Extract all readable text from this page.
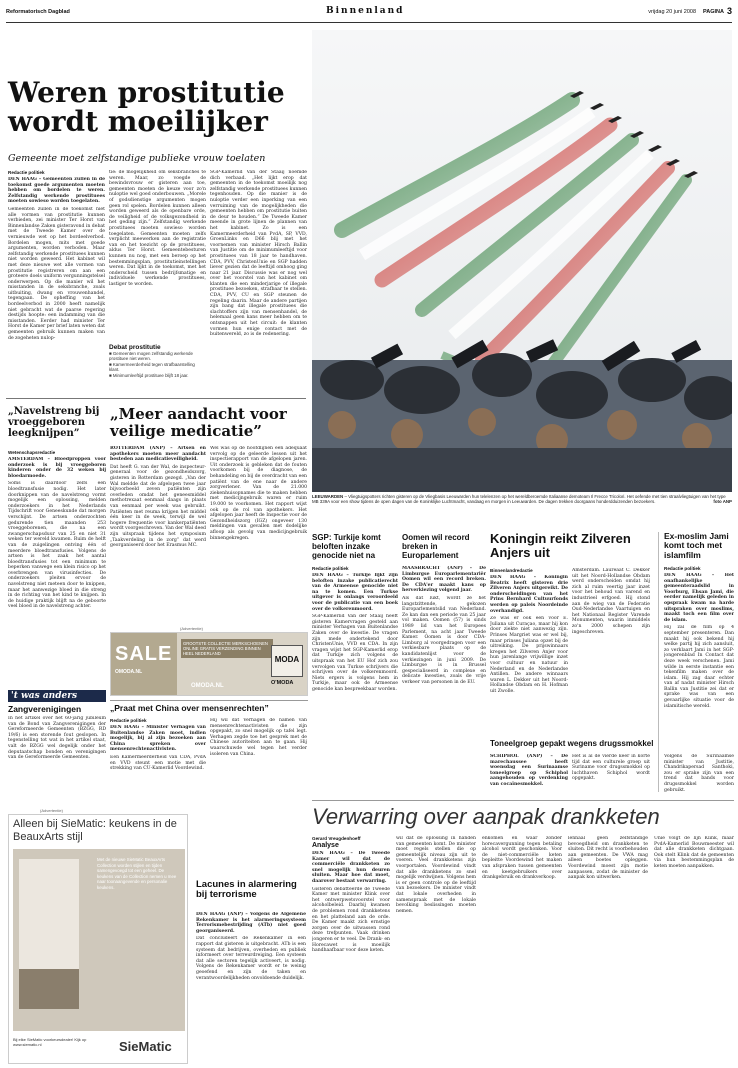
Reformatorisch Dagblad	Binnenland	vrijdag 20 juni 2008 PAGINA 3
Weren prostitutie
wordt moeilijker
Gemeente moet zelfstandige publieke vrouw toelaten
Redactie politiek
DEN HAAG – Gemeenten zullen in de toekomst goede argumenten moeten hebben om bordelen te weren. Zelfstandig werkende prostituees moeten sowieso worden toegelaten.
Gemeenten zullen in de toekomst niet alle vormen van prostitutie kunnen verbieden, zei minister Ter Horst van Binnenlandse Zaken gisteravond in debat met de Tweede Kamer over de vernieuwde wet op het bordeelverbod. Bordelen mogen, mits met goede argumenten, worden verboden. Maar zelfstandig werkende prostituees kunnen niet worden geweerd. Het kabinet wil met deze nieuwe wet alle vormen van prostitutie registreren om aan een groteere doels uniform vergunningstelsel onderwerpen. Op die manier wil het misstanden in de seksbranche, zoals uitbuiting, dwang en vrouwenhandel, tegengaan. De opheffing van het bordeelverbod in 2000 heeft namelijk niet gebracht wat de paarse regering destijds hoopte: een indamming van die misstanden. Eerder had minister Ter Horst de Kamer per brief laten weten dat gemeenten gebruik kunnen maken van de zogeheten nulop-
tie: de mogelijkheid om seksbranches te weren. Maar, zo voegde de bewindsvrouw er gisteren aan toe, gemeenten moeten de keuze voor zo'n nuloptie wel goed onderbouwen. „Morele of godsdienstige argumenten mogen geen rol spelen. Bordelen kunnen alleen worden geweerd als de openbare orde, de veiligheid of de volksgezondheid in het geding zijn.” Zelfstandig werkende prostituees moeten sowieso worden toegelaten. Gemeenten moeten zelfs verplicht meewerken aan de registratie van en het toezicht op de prostituees, aldus Ter Horst. Gemeentebesturen kunnen nu nog, met een beroep op het bestemmingsplan, prostitutieinstellingen weren. Dat lijkt in de toekomst, met het onderscheid tussen bedrijfsmatige en individuele werkende prostituees, lastiger te worden.
Debat prostitutie
■ Gemeenten mogen zelfstandig werkende prostituee niet weren.
■ Kamermeerderheid tegen strafbaarstelling klant.
■ Minimumleeftijd prostituee blijft 18 jaar.
SGP-Kamerlid Van der Staaij noemde dich verbaad. „Het lijkt erop dat gemeenten in de toekomst moeilijk nog zelfstandig werkende prostituees kunnen tegenhouden. Op die manier is de nuloptie verder een inperking van een verruiming van de mogelijkheden die gemeenten hebben om prostitutie buiten de deur te houden.” De Tweede Kamer meende in grote lijnen de plannen van het kabinet. Zo is een Kamermeerderheid van PvdA, SP, VVD, GroenLinks en D66 blij met het voornemen van minister Hirsch Ballin van Justitie om de minimumleeftijd voor prostituees van 18 jaar te handhaven. CDA, PVV, ChristenUnie en SGP hadden liever gezien dat de leeftijd omhoog ging naar 21 jaar. Discussie was er nog wel over het voorstel van het kabinet om klanten die een minderjarige of illegale prostituee bezoeken, strafbaar te stellen. CDA, PVV, CU en SGP steunen de regeling daarin. Maar de andere partijen zijn bang dat illegale prostituees die slachtoffers zijn van mensenhandel, de helemaal geen kans meer hebben om te ontsnappen uit het circuit: de klanten vormen hun enige contact met de buitenwereld, zo is de redenering.
LEEUWARDEN – Vliegtuigspotters richten gisteren op de Vliegbasis Leeuwarden hun telelenzen op het wereldberoemde Italiaanse demoteam Il Frecce Tricolori. Het oefende met tien straalvliegtuigen van het type MB 339A voor een show tijdens de open dagen van de Koninklijke Luchtmacht, vandaag en morgen in Leeuwarden. De dagen trekken doorgaans honderdduizenden bezoekers.	foto ANP
„Navelstreng bij vroeggeboren leegknijpen”
Wetenschapsredactie
AMSTERDAM – Bloedproppen voor onderzoek is bij vroeggeboren kinderen onder de 32 weken bij bloedarmoede.
Soms is daardoor zelfs een bloedtransfusie nodig. Het later doorknippen van de navelstreng vormt mogelijk een oplossing, melden onderzoekers in het Nederlands Tijdschrift voor Geneeskunde dat morgen verschijnt. De artsen onderzochten gedurende tien maanden 253 vroeggeborenen, die na een zwangerschapsduur van 25 en niet 31 weken ter wereld kwamen. Ruim de helft van de zuigelingen ontving één of meerdere bloedtransfusies. Volgens de artsen is het zaak het aantal bloedtransfusies tot een minimum te beperken vanwege een klein risico op het overbrengen van virusinfecties. De onderzoekers pleiten ervoor de navelstreng niet meteen door te knippen, maar het aanwezige bloed in die streng in de richting van het kind te knijpen. In de huidige praktijk blijft na de geboorte veel bloed in de navelstreng achter.
„Meer aandacht voor veilige medicatie”
ROTTERDAM (ANP) – Artsen en apothekers moeten meer aandacht besteden aan medicatieveiligheid.
Dat heeft G. van der Wal, de inspecteur-generaal voor de gezondheidszorg, gisteren in Rotterdam gezegd. „Van der Wal meldde dat de afgelopen twee jaar bijvoorbeeld zeven patiënten zijn overleden omdat het geneesmiddel methotrexaat eenmaal daags in plaats van eenmaal per week was gebruikt. Patiënten met reuma krijgen het middel één keer in de week, terwijl de wel hogere frequentie voor kankerpatiënten wordt voorgeschreven. Van der Wal deed zijn uitspraak tijdens het symposium „Taakverdeling in de zorg” dat werd georganiseerd door het Erasmus MC.
Wel was op de hoofdlijnen een adequaat vervolg op de geleerde lessen uit het inspectierapport van de afgelopen jaren. Uit onderzoek is gebleken dat de fouten voorkomen bij de diagnose, de behandeling en bij de overdracht van een patiënt van de ene naar de andere zorgverlener. Van de 21.000 ziekenhuisopnames die te maken hebben met medicijngebruik waren er ruim 19.000 te voorkomen. Het rapport wijst ook op de rol van apothekers. Het afgelopen jaar heeft de Inspectie voor de Gezondheidszorg (IGZ) ongeveer 130 meldingen van gevallen met dodelijke afloop als gevolg van medicijngebruik binnengekregen.
(Advertentie)
SALE
OMODA.NL
GROOTSTE COLLECTIE MERKSCHOENEN ONLINE GRATIS VERZENDING BINNEN HEEL NEDERLAND
MODA
O'MODA
OMODA.NL
't was anders
Zangverenigingen
In het artikel over het 60-jarig jubileum van de Bond van Zangverenigingen der Gereformeerde Gemeenten (BZGG, RD 19/6) is een storende fout geslopen. In tegenstelling tot wat in het artikel staat, valt de BZGG wel degelijk onder het deputaatschap bonden en verenigingen van de Gereformeerde Gemeenten.
„Praat met China over mensenrechten”
Redactie politiek
DEN HAAG – Minister Verhagen van Buitenlandse Zaken moet, indien mogelijk, bij al zijn bezoeken aan China spreken over mensenrechtenactivisten.
Een Kamermeerderheid van CDA, PvdA en VVD steunt een motie met die strekking van CU-Kamerlid Voordewind.
Hij wil dat Verhagen de namen van mensenrechtenactivisten die zijn opgepakt, zo snel mogelijk op tafel legt. Verhagen zegde toe het gesprek met de Chinese autoriteiten aan te gaan. Hij waarschuwde wel tegen het verder isoleren van China.
(Advertentie)
Alleen bij SieMatic: keukens in de BeauxArts stijl
Met de nieuwe SieMatic BeauxArts Collection worden stijlen en tijden samengevoegd tot een geheel. De keukens van de Collection nemen u mee naar toonaangevende en personalie keukens.
Bij elke SieMatic voorkeursdealer! Kijk op www.siematic.nl	SieMatic
Lacunes in alarmering bij terrorisme
DEN HAAG (ANP) – Volgens de Algemene Rekenkamer is het alarmeringssysteem Terrorismebestrijding (ATb) niet goed georganiseerd.
Dat concludeert de Rekenkamer in een rapport dat gisteren is uitgebracht. ATb is een systeem dat bedrijven, overheden en publiek informeert over terreurdreiging. Een systeem dat alle sectoren tegelijk activeert, is nodig. Volgens de Rekenkamer wordt er te weinig geoefend en zijn de taken en verantwoordelijkheden onvoldoende duidelijk.
SGP: Turkije komt beloften inzake genocide niet na
Redactie politiek
DEN HAAG – Turkije lijkt zijn beloften inzake publicatierecht van de Armeense genocide niet na te komen. Een Turkse uitgever is onlangs veroordeeld voor de publicatie van een boek over de volkerenmoord.
SGP-Kamerlid Van der Staaij heeft gisteren Kamervragen gesteld aan minister Verhagen van Buitenlandse Zaken over de kwestie. De vragen zijn mede ondertekend door ChristenUnie, VVD en CDA. In zijn vragen wijst het SGP-Kamerlid erop dat Turkije zich volgens de uitspraak van het EU Hof zich zou vervolgen van Turkse schrijvers die schrijven over de volkerenmoord. Niets ergers is volgens hem in Turkije, maar ook de Armeense genocide kan bespreekbaar worden.
Oomen wil record breken in Europarlement
MAASBRACHT (ANP) – De Limburgse Europarlementariër Oomen wil een record breken. De CDA'er maakt kans op herverkiezing volgend jaar.
Als dat lukt, wordt ze het langstzittende, gekozen Europarlementslid van Nederland. Ze kan dan een periode van 25 jaar vol maken. Oomen (57) is sinds 1989 lid van het Europees Parlement, na acht jaar Tweede Kamer. Oomen is door CDA-Limburg al voorgedragen voor een verkiesbare plaats op de kandidatenlijst voor de verkiezingen in juni 2009. De Limburgse is in Brussel gespecialiseerd in complexe en delicate kwesties, zoals de vrije verkeer van personen in de EU.
Koningin reikt Zilveren Anjers uit
Binnenlandredactie
DEN HAAG – Koningin Beatrix heeft gisteren drie Zilveren Anjers uitgereikt. De onderscheidingen van het Prins Bernhard Cultuurfonds werden op paleis Noordeinde overhandigd.
Ze was er ook een voor E. Juliana uit Curaçao, maar hij kon door ziekte niet aanwezig zijn. Prinses Margriet was er wel bij, maar prinses Juliana opzet bij de uitreiking. De prijswinnaars kregen het Zilveren Anjer voor hun jarenlange vrijwillige inzet voor cultuur en natuur in Nederland en de Nederlandse Antillen. De andere winnaars waren L. Dekker uit het Noord-Hollandse Obdam en H. Hofman uit Zwolle.
Amsterdam. Laureaat C. Dekker uit het Noord-Hollandse Obdam werd onderscheiden omdat hij zich al ruim veertig jaar inzet voor het behoud van varend en industrieel erfgoed. Hij stond aan de wieg van de Federatie Oud-Nederlandse Vaartuigen en het Nationaal Register Varende Monumenten, waarin inmiddels zo'n 2000 schepen zijn ingeschreven.
Ex-moslim Jami komt toch met islamfilm
Redactie politiek
DEN HAAG – Het onafhankelijke gemeenteraadslid in Voorburg, Ehsan Jami, die eerder namelijk geleden in opspraak kwam na harde uitspraken over moslims, maakt toch een film over de islam.
Hij zal de film op 4 september presenteren. Dan maakt hij ook bekend hij welke partij hij zich aansluit, zo verklaart Jami in het SGP-jongerenblad In Contact dat deze week verschenen. Jami wilde in eerste instantie een tekenfilm maken over de islam. Hij zag daar echter van af nadat minister Hirsch Ballin van Justitie zei dat er sprake was van een gevaarlijke situatie voor de islamitische wereld.
Toneelgroep gepakt wegens drugssmokkel
SCHIPHOL (ANP) – De marechaussee heeft woensdag een Surinaamse toneelgroep op Schiphol aangehouden op verdenking van cocaïnesmokkel.
Het is al de vierde keer in korte tijd dat een culturele groep uit Suriname voor drugssmokkel op luchthaven Schiphol wordt opgepakt.
Volgens de Surinaamse minister van Justitie, Chandrikapersad Santhoki, zou er sprake zijn van een trend dat bands voor drugssmokkel worden gebruikt.
Verwarring over aanpak drankketen
Gerard Vreugdenhoeff
Analyse
DEN HAAG – De Tweede Kamer wil dat de commerciële drankketen zo snel mogelijk hun deuren sluiten. Maar hoe dat moet, daarover bestaat verwarring.
Gisteren debatteerde de Tweede Kamer met minister Klink over het ontwerpwetsvoorstel voor alcoholbeleid. Daarbij kwamen de problemen rond drankketens en het platteland aan de orde. De Kamer maakt zich ernstige zorgen over de uitwassen rond deze trefpunten. Vaak drinken jongeren er te veel. De Drank- en Horecawet is moeilijk handhaafbaar voor deze keten.
wil dat de oplossing in handen van gemeenten komt. De minister moet regels stellen die op gemeentelijk niveau zijn uit te voeren. Veel drankketens zijn voorportalen. Voordewind vindt dat alle drankketens zo snel mogelijk verdwijnen. Volgens hem is er geen controle op de leeftijd van bezoekers. De minister vindt dat lokale overheden in samenspraak met de lokale bevolking beslissingen moeten nemen.
enkomen en waar zonder horecavergunning tegen betaling alcohol wordt geschonken. Voor de niet-commerciële keten bepleitte Voordewind het maken van afspraken tussen gemeenten en keetgebruikers over drankgebruik en drankverkoop.
lennaal geen zelfstandige bevoegdheid om drankketen te sluiten. Dit recht is voorbehouden aan gemeenten. De VWA mag alleen boetes opleggen. Voordewind moest zijn motie aanpassen, zodat de minister de aanpak kon uitwerken.
Unie volgt de lijn Klink, maar PvdA-Kamerlid Bouwmeester wil dat alle drankketen dichtgaan. Ook stelt Klink dat de gemeenten via hun bestemmingsplan de keten moeten aanpakken.
